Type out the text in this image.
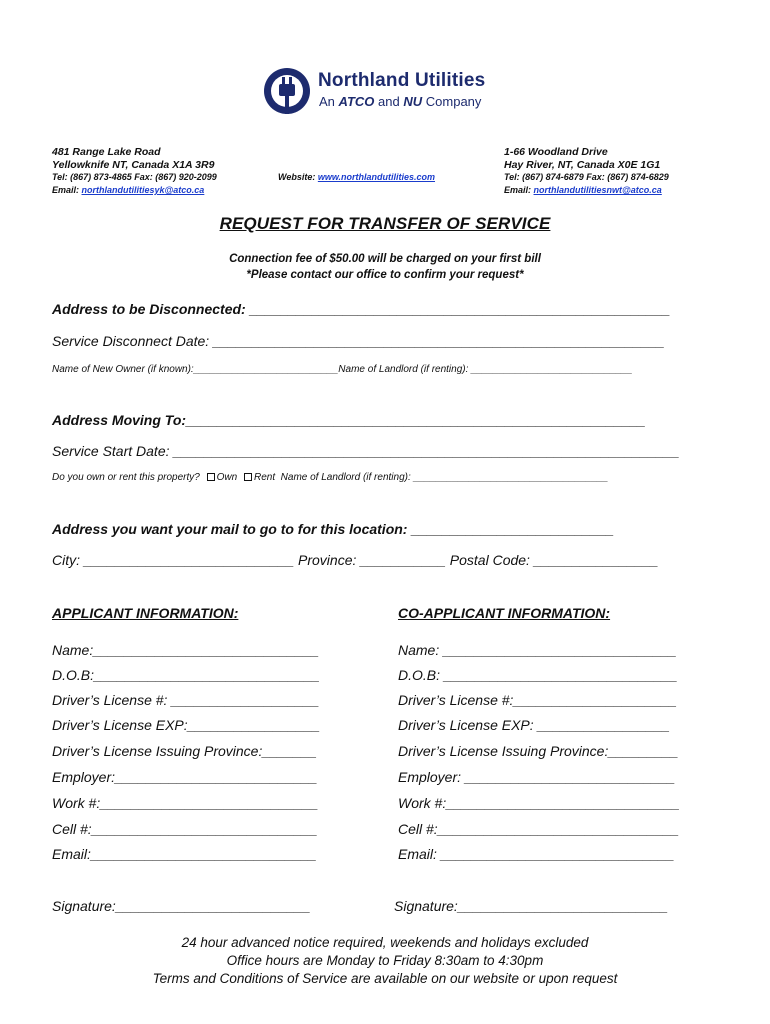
Northland Utilities
An ATCO and NU Company
481 Range Lake Road
Yellowknife NT, Canada X1A 3R9
Tel: (867) 873-4865 Fax: (867) 920-2099
Email: northlandutilitiesyk@atco.ca
Website: www.northlandutilities.com
1-66 Woodland Drive
Hay River, NT, Canada X0E 1G1
Tel: (867) 874-6879 Fax: (867) 874-6829
Email: northlandutilitiesnwt@atco.ca
REQUEST FOR TRANSFER OF SERVICE
Connection fee of $50.00 will be charged on your first bill
*Please contact our office to confirm your request*
Address to be Disconnected: ______________________________________________________
Service Disconnect Date: __________________________________________________________
Name of New Owner (if known):__________________________Name of Landlord (if renting): _____________________________
Address Moving To:___________________________________________________________
Service Start Date: _________________________________________________________________
Do you own or rent this property? Own Rent Name of Landlord (if renting): ___________________________________
Address you want your mail to go to for this location: __________________________
City: ___________________________ Province: ___________ Postal Code: ________________
APPLICANT INFORMATION:	CO-APPLICANT INFORMATION:
Name:_____________________________
D.O.B:_____________________________
Driver’s License #: ___________________
Driver’s License EXP:_________________
Driver’s License Issuing Province:_______
Employer:__________________________
Work #:____________________________
Cell #:_____________________________
Email:_____________________________
Signature:_________________________
Name: ______________________________
D.O.B: ______________________________
Driver’s License #:_____________________
Driver’s License EXP: _________________
Driver’s License Issuing Province:_________
Employer: ___________________________
Work #:______________________________
Cell #:_______________________________
Email: ______________________________
Signature:___________________________
24 hour advanced notice required, weekends and holidays excluded
Office hours are Monday to Friday 8:30am to 4:30pm
Terms and Conditions of Service are available on our website or upon request
